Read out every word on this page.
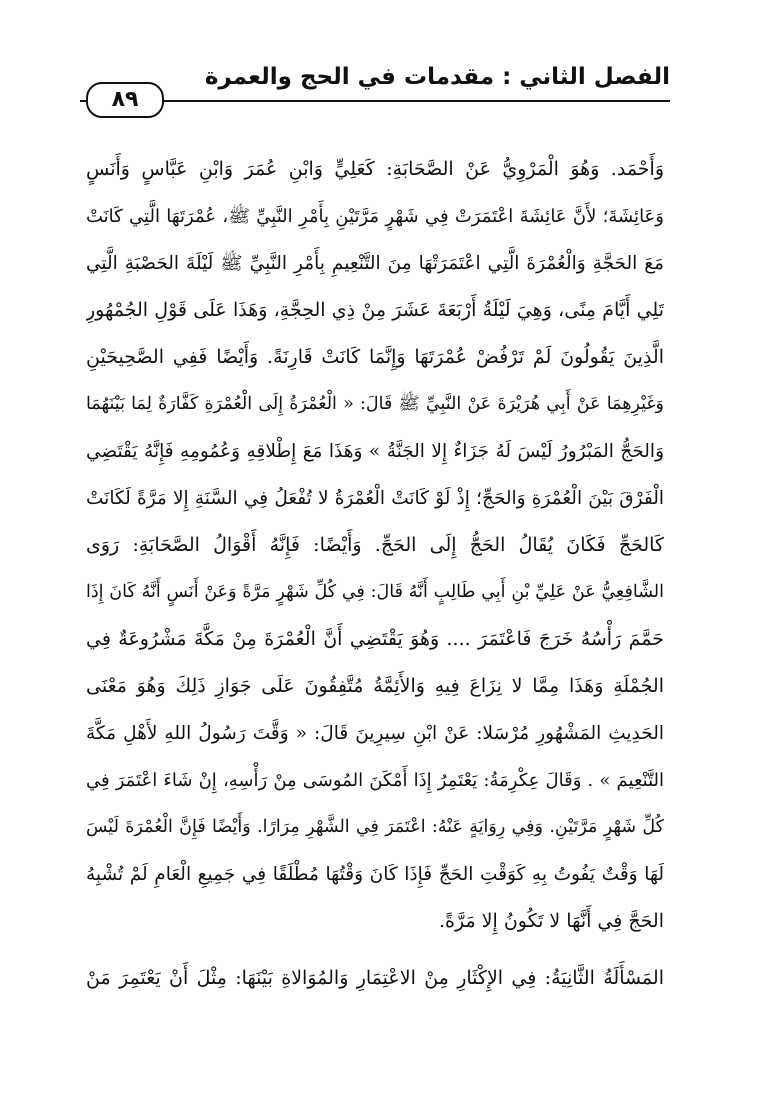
الفصل الثاني : مقدمات في الحج والعمرة
٨٩
وَأَحْمَد. وَهُوَ الْمَرْوِيُّ عَنْ الصَّحَابَةِ: كَعَلِيٍّ وَابْنِ عُمَرَ وَابْنِ عَبَّاسٍ وَأَنَسٍ
وَعَائِشَةَ؛ لأَنَّ عَائِشَةَ اعْتَمَرَتْ فِي شَهْرٍ مَرَّتَيْنِ بِأَمْرِ النَّبِيِّ ﷺ، عُمْرَتَهَا الَّتِي كَانَتْ
مَعَ الحَجَّةِ وَالْعُمْرَةَ الَّتِي اعْتَمَرَتْهَا مِنَ التَّنْعِيمِ بِأَمْرِ النَّبِيِّ ﷺ لَيْلَةَ الحَصْبَةِ الَّتِي
تَلِي أَيَّامَ مِنًى، وَهِيَ لَيْلَةُ أَرْبَعَةَ عَشَرَ مِنْ ذِي الحِجَّةِ، وَهَذَا عَلَى قَوْلِ الجُمْهُورِ
الَّذِينَ يَقُولُونَ لَمْ تَرْفُضْ عُمْرَتَهَا وَإِنَّمَا كَانَتْ قَارِنَةً. وَأَيْضًا فَفِي الصَّحِيحَيْنِ
وَغَيْرِهِمَا عَنْ أَبِي هُرَيْرَةَ عَنْ النَّبِيِّ ﷺ قَالَ: « الْعُمْرَةُ إِلَى الْعُمْرَةِ كَفَّارَةٌ لِمَا بَيْنَهُمَا
وَالحَجُّ المَبْرُورُ لَيْسَ لَهُ جَزَاءٌ إِلا الجَنَّةُ » وَهَذَا مَعَ إِطْلاقِهِ وَعُمُومِهِ فَإِنَّهُ يَقْتَضِي
الْفَرْقَ بَيْنَ الْعُمْرَةِ وَالحَجِّ؛ إِذْ لَوْ كَانَتْ الْعُمْرَةُ لا تُفْعَلُ فِي السَّنَةِ إِلا مَرَّةً لَكَانَتْ
كَالحَجِّ فَكَانَ يُقَالُ الحَجُّ إِلَى الحَجِّ. وَأَيْضًا: فَإِنَّهُ أَقْوَالُ الصَّحَابَةِ: رَوَى
الشَّافِعِيُّ عَنْ عَلِيِّ بْنِ أَبِي طَالِبٍ أَنَّهُ قَالَ: فِي كُلِّ شَهْرٍ مَرَّةً وَعَنْ أَنَسٍ أَنَّهُ كَانَ إِذَا
حَمَّمَ رَأْسُهُ خَرَجَ فَاعْتَمَرَ .... وَهُوَ يَقْتَضِي أَنَّ الْعُمْرَةَ مِنْ مَكَّةَ مَشْرُوعَةٌ فِي
الجُمْلَةِ وَهَذَا مِمَّا لا نِزَاعَ فِيهِ وَالأَئِمَّةُ مُتَّفِقُونَ عَلَى جَوَازِ ذَلِكَ وَهُوَ مَعْنَى
الحَدِيثِ المَشْهُورِ مُرْسَلا: عَنْ ابْنِ سِيرِينَ قَالَ: « وَقَّتَ رَسُولُ اللهِ لأَهْلِ مَكَّةَ
التَّنْعِيمَ » . وَقَالَ عِكْرِمَةُ: يَعْتَمِرُ إِذَا أَمْكَنَ المُوسَى مِنْ رَأْسِهِ، إِنْ شَاءَ اعْتَمَرَ فِي
كُلِّ شَهْرٍ مَرَّتَيْنِ. وَفِي رِوَايَةٍ عَنْهُ: اعْتَمَرَ فِي الشَّهْرِ مِرَارًا. وَأَيْضًا فَإِنَّ الْعُمْرَةَ لَيْسَ
لَهَا وَقْتٌ يَفُوتُ بِهِ كَوَقْتِ الحَجِّ فَإِذَا كَانَ وَقْتُهَا مُطْلَقًا فِي جَمِيعِ الْعَامِ لَمْ تُشْبِهُ
الحَجَّ فِي أَنَّهَا لا تَكُونُ إِلا مَرَّةً.
المَسْأَلَةُ الثَّانِيَةُ: فِي الإِكْثَارِ مِنْ الاعْتِمَارِ وَالمُوَالاةِ بَيْنَهَا: مِثْلَ أَنْ يَعْتَمِرَ مَنْ
